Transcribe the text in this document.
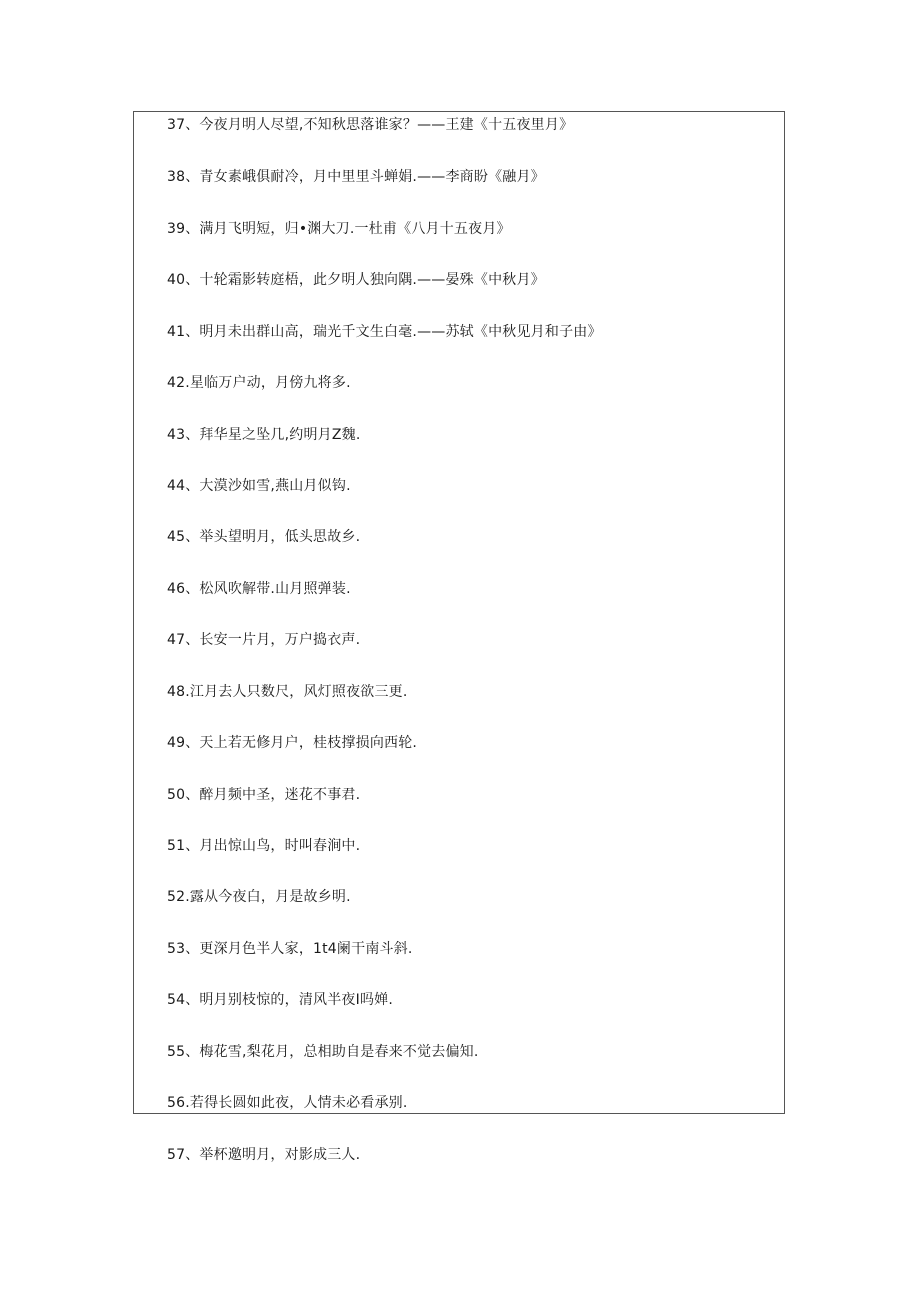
37、今夜月明人尽望,不知秋思落谁家？——王建《十五夜里月》
38、青女素峨俱耐冷，月中里里斗蝉娟.——李商盼《融月》
39、满月飞明短，归•渊大刀.一杜甫《八月十五夜月》
40、十轮霜影转庭梧，此夕明人独向隅.——晏殊《中秋月》
41、明月未出群山高，瑞光千文生白毫.——苏轼《中秋见月和子由》
42.星临万户动，月傍九将多.
43、拜华星之坠几,约明月Z魏.
44、大漠沙如雪,燕山月似钩.
45、举头望明月，低头思故乡.
46、松风吹解带.山月照弹装.
47、长安一片月，万户捣衣声.
48.江月去人只数尺，风灯照夜欲三更.
49、天上若无修月户，桂枝撑损向西轮.
50、醉月频中圣，迷花不事君.
51、月出惊山鸟，时叫春涧中.
52.露从今夜白，月是故乡明.
53、更深月色半人家，1t4阑干南斗斜.
54、明月别枝惊的，清风半夜I吗婵.
55、梅花雪,梨花月，总相助自是春来不觉去偏知.
56.若得长圆如此夜，人情未必看承别.
57、举杯邀明月，对影成三人.
